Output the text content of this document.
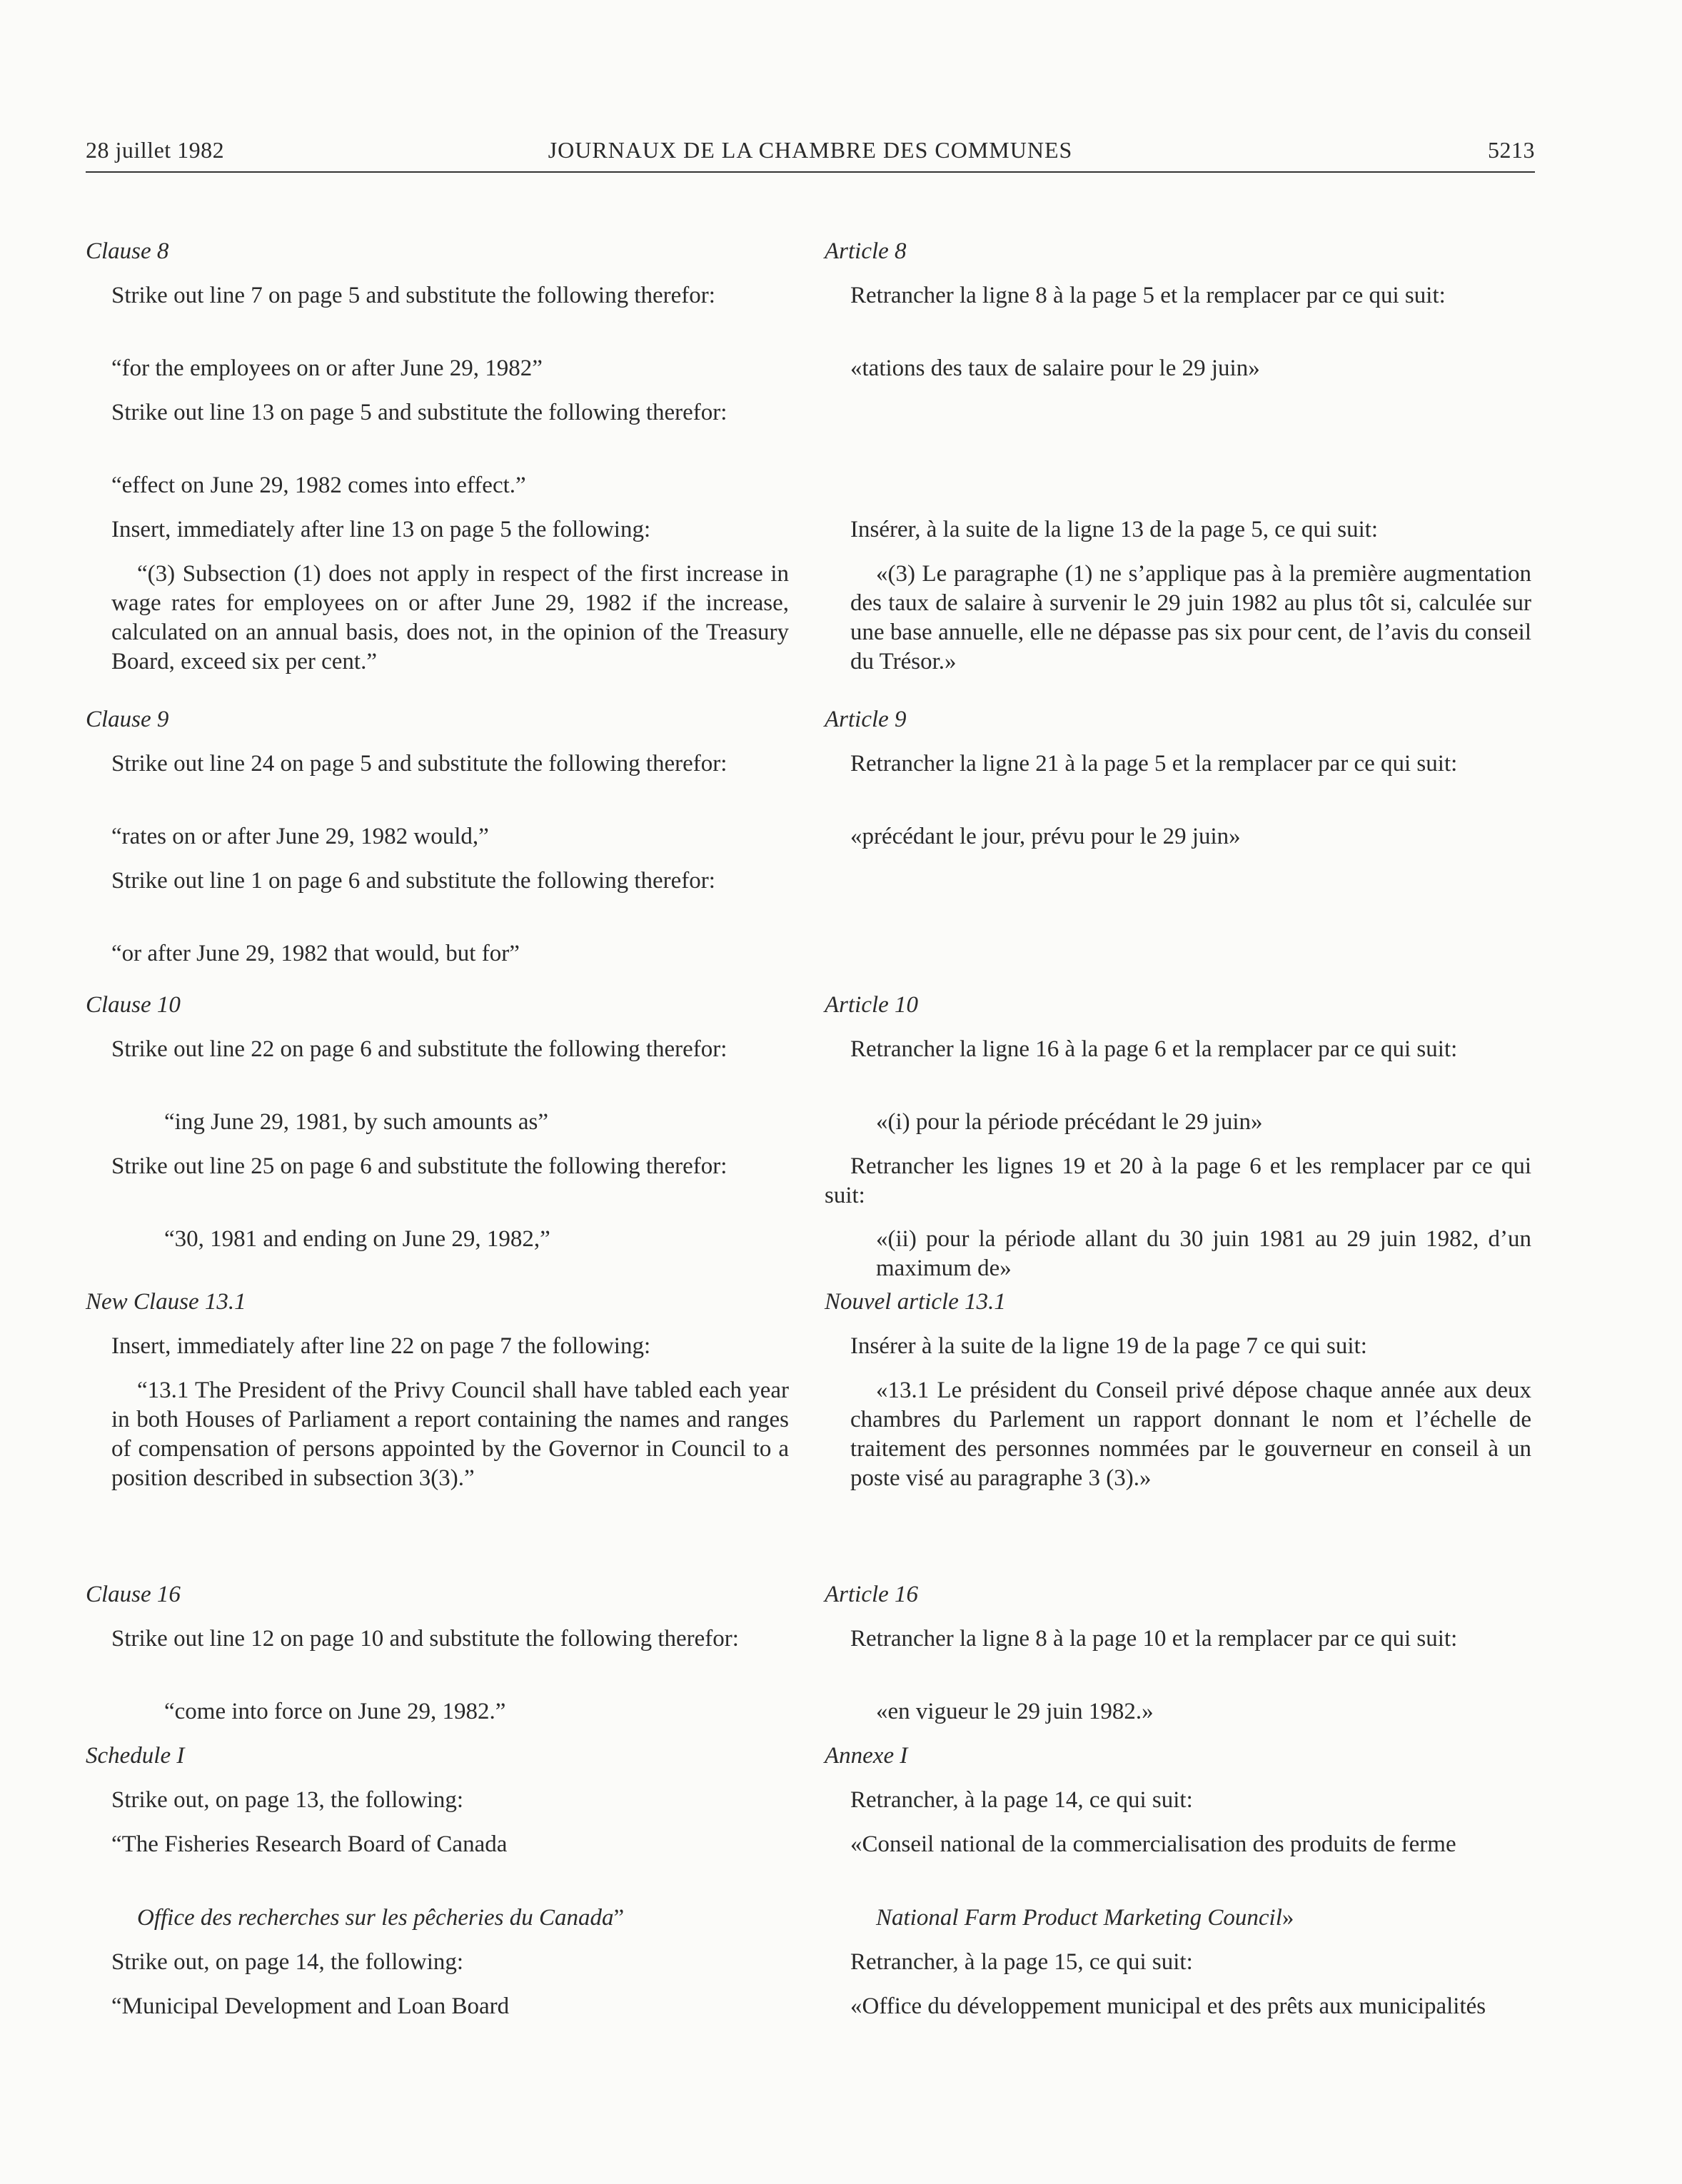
28 juillet 1982	JOURNAUX DE LA CHAMBRE DES COMMUNES	5213
Clause 8
Strike out line 7 on page 5 and substitute the following therefor:
“for the employees on or after June 29, 1982”
Strike out line 13 on page 5 and substitute the following therefor:
“effect on June 29, 1982 comes into effect.”
Insert, immediately after line 13 on page 5 the following:
“(3) Subsection (1) does not apply in respect of the first increase in wage rates for employees on or after June 29, 1982 if the increase, calculated on an annual basis, does not, in the opinion of the Treasury Board, exceed six per cent.”
Clause 9
Strike out line 24 on page 5 and substitute the following therefor:
“rates on or after June 29, 1982 would,”
Strike out line 1 on page 6 and substitute the following therefor:
“or after June 29, 1982 that would, but for”
Clause 10
Strike out line 22 on page 6 and substitute the following therefor:
“ing June 29, 1981, by such amounts as”
Strike out line 25 on page 6 and substitute the following therefor:
“30, 1981 and ending on June 29, 1982,”
New Clause 13.1
Insert, immediately after line 22 on page 7 the following:
“13.1 The President of the Privy Council shall have tabled each year in both Houses of Parliament a report containing the names and ranges of compensation of persons appointed by the Governor in Council to a position described in subsection 3(3).”
Clause 16
Strike out line 12 on page 10 and substitute the following therefor:
“come into force on June 29, 1982.”
Schedule I
Strike out, on page 13, the following:
“The Fisheries Research Board of Canada
Office des recherches sur les pêcheries du Canada”
Strike out, on page 14, the following:
“Municipal Development and Loan Board
Article 8
Retrancher la ligne 8 à la page 5 et la remplacer par ce qui suit:
«tations des taux de salaire pour le 29 juin»
Insérer, à la suite de la ligne 13 de la page 5, ce qui suit:
«(3) Le paragraphe (1) ne s’applique pas à la première augmentation des taux de salaire à survenir le 29 juin 1982 au plus tôt si, calculée sur une base annuelle, elle ne dépasse pas six pour cent, de l’avis du conseil du Trésor.»
Article 9
Retrancher la ligne 21 à la page 5 et la remplacer par ce qui suit:
«précédant le jour, prévu pour le 29 juin»
Article 10
Retrancher la ligne 16 à la page 6 et la remplacer par ce qui suit:
«(i) pour la période précédant le 29 juin»
Retrancher les lignes 19 et 20 à la page 6 et les remplacer par ce qui suit:
«(ii) pour la période allant du 30 juin 1981 au 29 juin 1982, d’un maximum de»
Nouvel article 13.1
Insérer à la suite de la ligne 19 de la page 7 ce qui suit:
«13.1 Le président du Conseil privé dépose chaque année aux deux chambres du Parlement un rapport donnant le nom et l’échelle de traitement des personnes nommées par le gouverneur en conseil à un poste visé au paragraphe 3 (3).»
Article 16
Retrancher la ligne 8 à la page 10 et la remplacer par ce qui suit:
«en vigueur le 29 juin 1982.»
Annexe I
Retrancher, à la page 14, ce qui suit:
«Conseil national de la commercialisation des produits de ferme
National Farm Product Marketing Council»
Retrancher, à la page 15, ce qui suit:
«Office du développement municipal et des prêts aux municipalités
